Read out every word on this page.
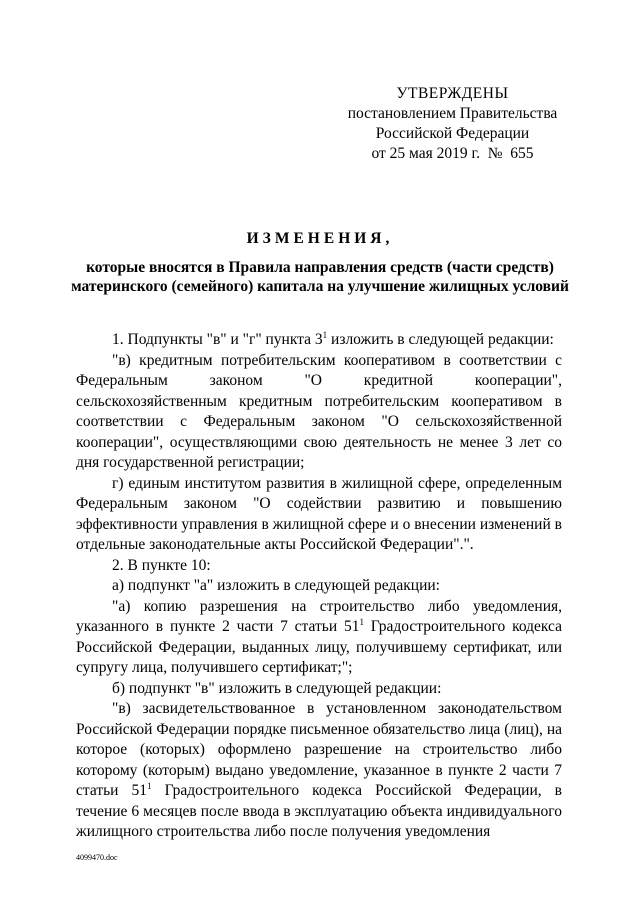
УТВЕРЖДЕНЫ
постановлением Правительства
Российской Федерации
от 25 мая 2019 г.  №  655
ИЗМЕНЕНИЯ,
которые вносятся в Правила направления средств (части средств) материнского (семейного) капитала на улучшение жилищных условий

1. Подпункты "в" и "г" пункта $3^1$ изложить в следующей редакции:

"в) кредитным потребительским кооперативом в соответствии с Федеральным законом "О кредитной кооперации", сельскохозяйственным кредитным потребительским кооперативом в соответствии с Федеральным законом "О сельскохозяйственной кооперации", осуществляющими свою деятельность не менее 3 лет со дня государственной регистрации;

г) единым институтом развития в жилищной сфере, определенным Федеральным законом "О содействии развитию и повышению эффективности управления в жилищной сфере и о внесении изменений в отдельные законодательные акты Российской Федерации".".

2. В пункте 10:

а) подпункт "а" изложить в следующей редакции:

"а) копию разрешения на строительство либо уведомления, указанного в пункте 2 части 7 статьи $51^1$ Градостроительного кодекса Российской Федерации, выданных лицу, получившему сертификат, или супругу лица, получившего сертификат;";

б) подпункт "в" изложить в следующей редакции:

"в) засвидетельствованное в установленном законодательством Российской Федерации порядке письменное обязательство лица (лиц), на которое (которых) оформлено разрешение на строительство либо которому (которым) выдано уведомление, указанное в пункте 2 части 7 статьи $51^1$ Градостроительного кодекса Российской Федерации, в течение 6 месяцев после ввода в эксплуатацию объекта индивидуального жилищного строительства либо после получения уведомления

4099470.doc
